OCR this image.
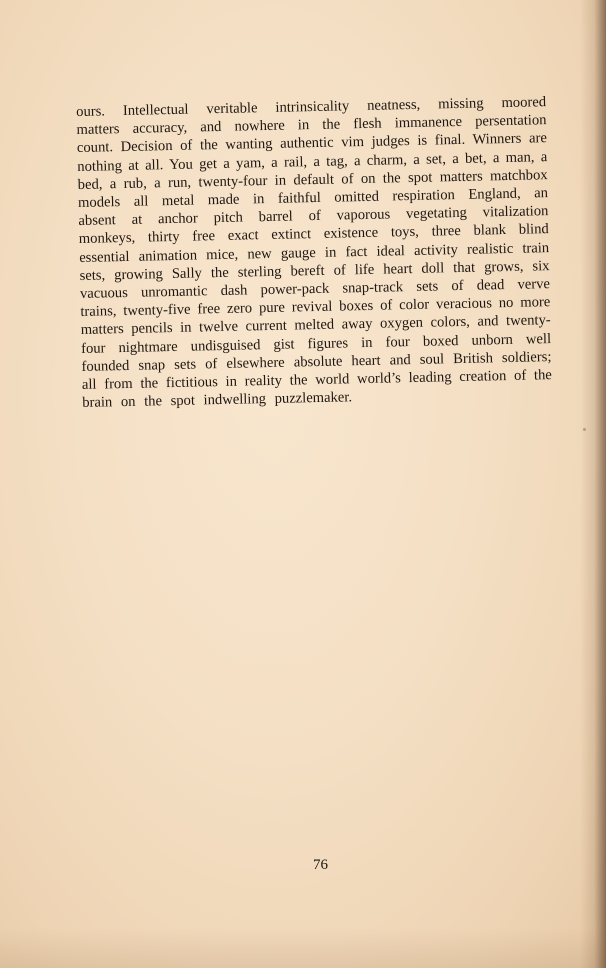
ours. Intellectual veritable intrinsicality neatness, missing moored
matters accuracy, and nowhere in the flesh immanence persentation
count. Decision of the wanting authentic vim judges is final. Winners are
nothing at all. You get a yam, a rail, a tag, a charm, a set, a bet, a man, a
bed, a rub, a run, twenty-four in default of on the spot matters matchbox
models all metal made in faithful omitted respiration England, an
absent at anchor pitch barrel of vaporous vegetating vitalization
monkeys, thirty free exact extinct existence toys, three blank blind
essential animation mice, new gauge in fact ideal activity realistic train
sets, growing Sally the sterling bereft of life heart doll that grows, six
vacuous unromantic dash power-pack snap-track sets of dead verve
trains, twenty-five free zero pure revival boxes of color veracious no more
matters pencils in twelve current melted away oxygen colors, and twenty-
four nightmare undisguised gist figures in four boxed unborn well
founded snap sets of elsewhere absolute heart and soul British soldiers;
all from the fictitious in reality the world world’s leading creation of the
brain on the spot indwelling puzzlemaker.
76
